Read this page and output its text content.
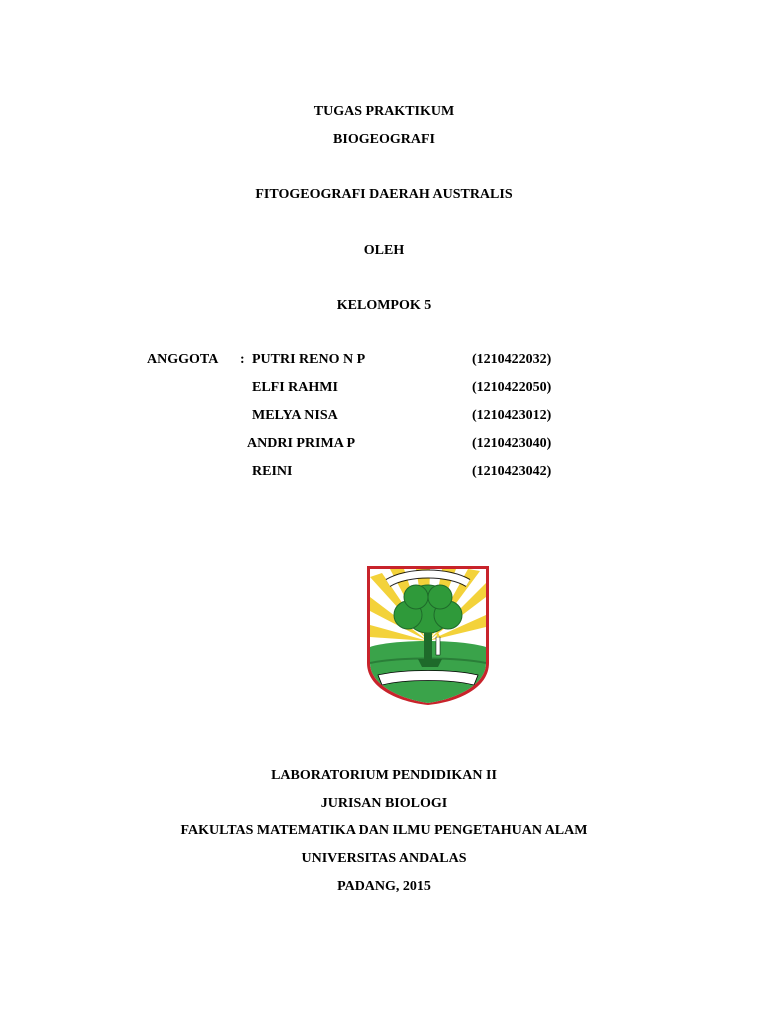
TUGAS PRAKTIKUM
BIOGEOGRAFI
FITOGEOGRAFI DAERAH AUSTRALIS
OLEH
KELOMPOK 5
ANGGOTA : PUTRI RENO N P	(1210422032)
ELFI RAHMI	(1210422050)
MELYA NISA	(1210423012)
ANDRI PRIMA P	(1210423040)
REINI	(1210423042)
LABORATORIUM PENDIDIKAN II
JURISAN BIOLOGI
FAKULTAS MATEMATIKA DAN ILMU PENGETAHUAN ALAM
UNIVERSITAS ANDALAS
PADANG, 2015
